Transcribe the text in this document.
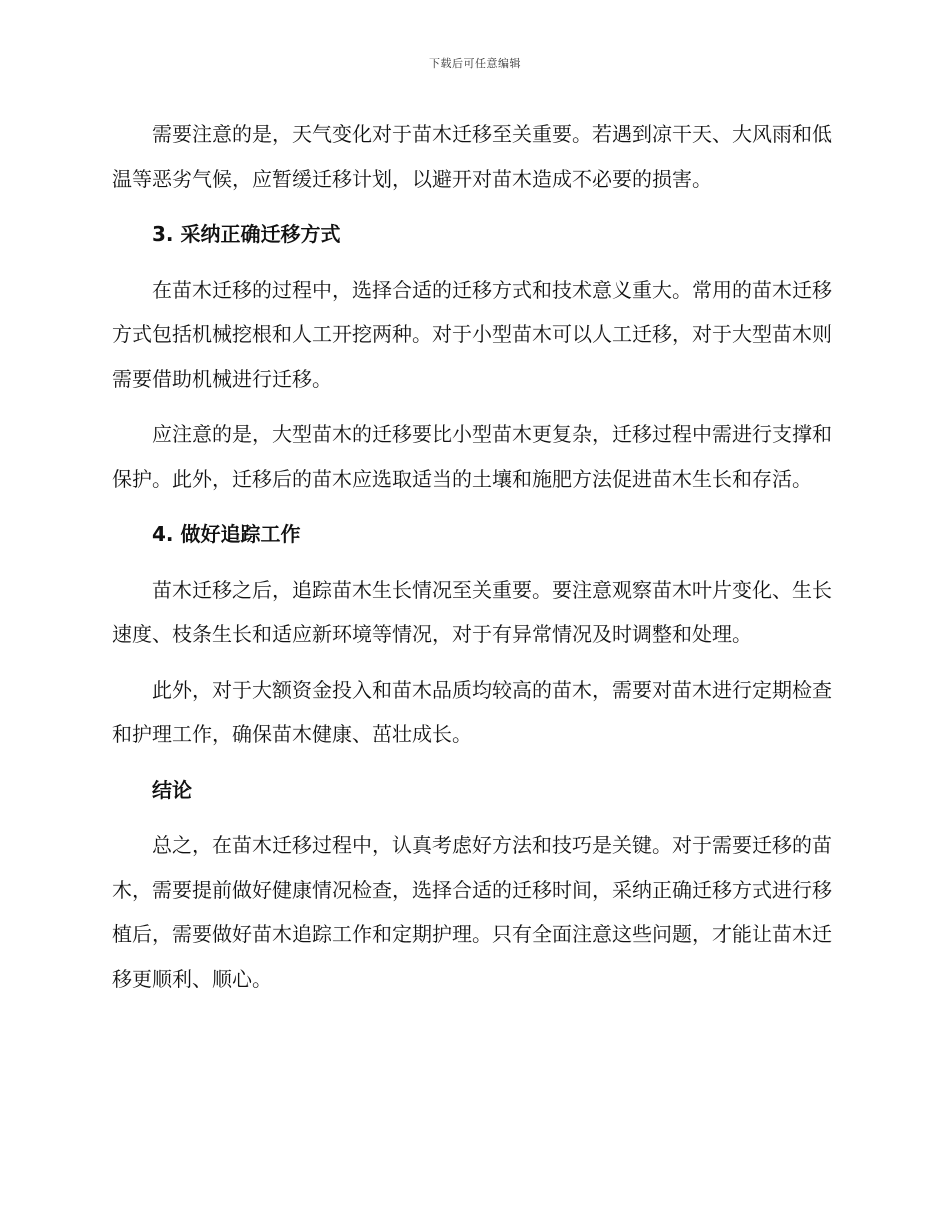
下载后可任意编辑

需要注意的是，天气变化对于苗木迁移至关重要。若遇到凉干天、大风雨和低温等恶劣气候，应暂缓迁移计划，以避开对苗木造成不必要的损害。

3. 采纳正确迁移方式

在苗木迁移的过程中，选择合适的迁移方式和技术意义重大。常用的苗木迁移方式包括机械挖根和人工开挖两种。对于小型苗木可以人工迁移，对于大型苗木则需要借助机械进行迁移。

应注意的是，大型苗木的迁移要比小型苗木更复杂，迁移过程中需进行支撑和保护。此外，迁移后的苗木应选取适当的土壤和施肥方法促进苗木生长和存活。

4. 做好追踪工作

苗木迁移之后，追踪苗木生长情况至关重要。要注意观察苗木叶片变化、生长速度、枝条生长和适应新环境等情况，对于有异常情况及时调整和处理。

此外，对于大额资金投入和苗木品质均较高的苗木，需要对苗木进行定期检查和护理工作，确保苗木健康、茁壮成长。

结论

总之，在苗木迁移过程中，认真考虑好方法和技巧是关键。对于需要迁移的苗木，需要提前做好健康情况检查，选择合适的迁移时间，采纳正确迁移方式进行移植后，需要做好苗木追踪工作和定期护理。只有全面注意这些问题，才能让苗木迁移更顺利、顺心。
